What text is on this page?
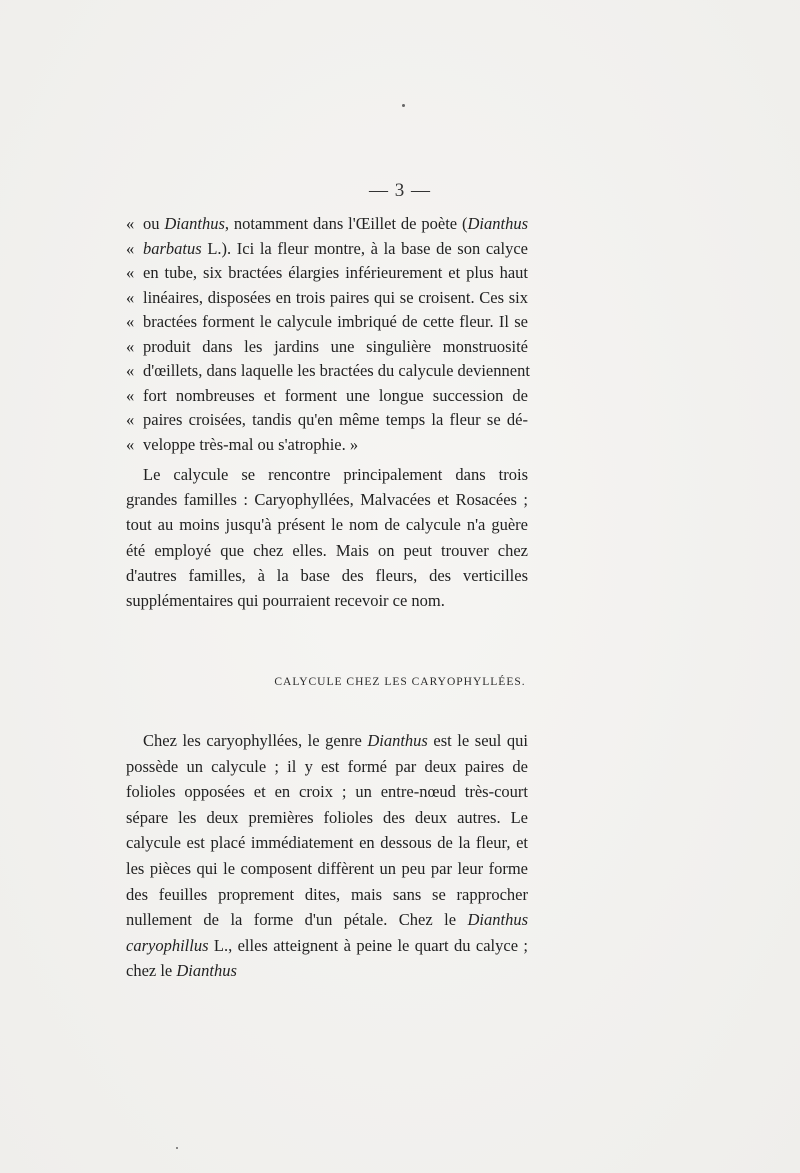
— 3 —
« ou Dianthus, notamment dans l'Œillet de poète (Dianthus
« barbatus L.). Ici la fleur montre, à la base de son calyce
« en tube, six bractées élargies inférieurement et plus haut
« linéaires, disposées en trois paires qui se croisent. Ces six
« bractées forment le calycule imbriqué de cette fleur. Il se
« produit dans les jardins une singulière monstruosité
« d'œillets, dans laquelle les bractées du calycule deviennent
« fort nombreuses et forment une longue succession de
« paires croisées, tandis qu'en même temps la fleur se dé-
« veloppe très-mal ou s'atrophie. »
Le calycule se rencontre principalement dans trois grandes familles : Caryophyllées, Malvacées et Rosacées ; tout au moins jusqu'à présent le nom de calycule n'a guère été employé que chez elles. Mais on peut trouver chez d'autres familles, à la base des fleurs, des verticilles supplémentaires qui pourraient recevoir ce nom.
CALYCULE CHEZ LES CARYOPHYLLÉES.
Chez les caryophyllées, le genre Dianthus est le seul qui possède un calycule ; il y est formé par deux paires de folioles opposées et en croix ; un entre-nœud très-court sépare les deux premières folioles des deux autres. Le calycule est placé immédiatement en dessous de la fleur, et les pièces qui le composent diffèrent un peu par leur forme des feuilles proprement dites, mais sans se rapprocher nullement de la forme d'un pétale. Chez le Dianthus caryophillus L., elles atteignent à peine le quart du calyce ; chez le Dianthus
